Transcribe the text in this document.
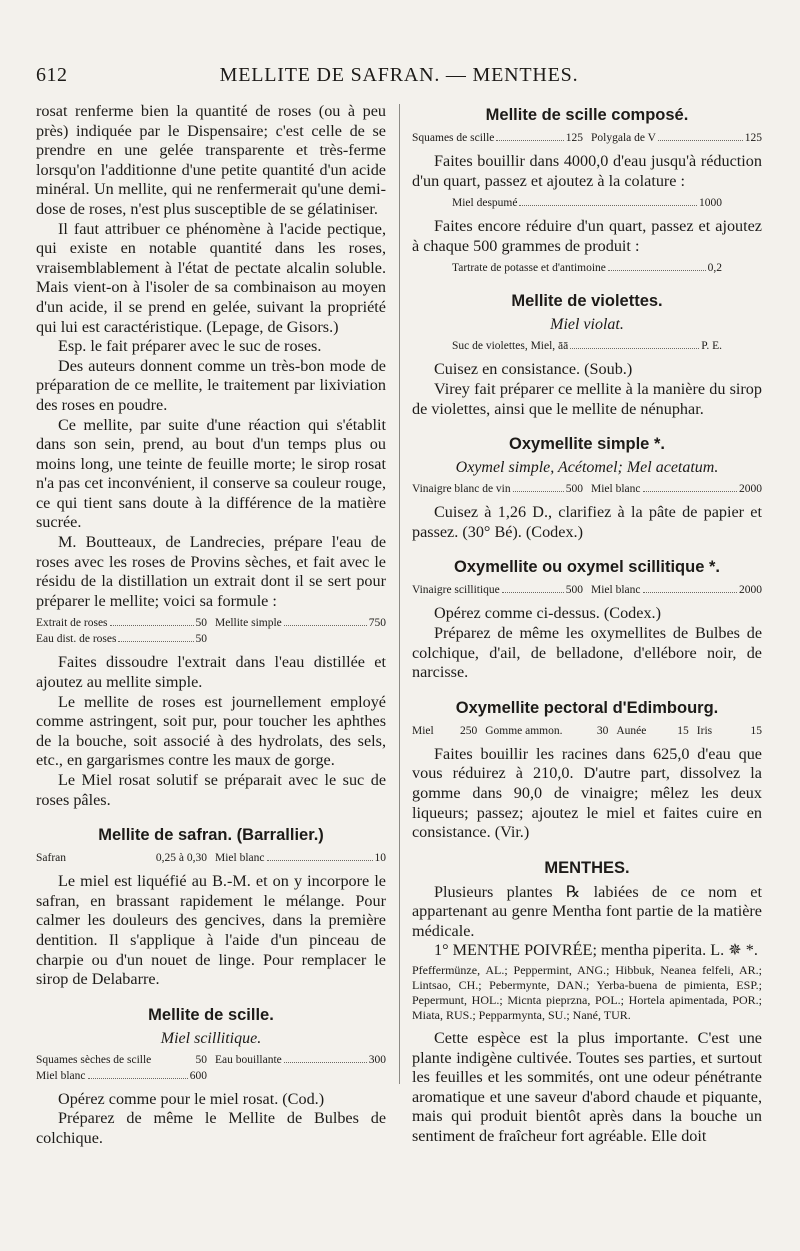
612	MELLITE DE SAFRAN. — MENTHES.

rosat renferme bien la quantité de roses (ou à peu près) indiquée par le Dispensaire; c'est celle de se prendre en une gelée transparente et très-ferme lorsqu'on l'additionne d'une petite quantité d'un acide minéral. Un mellite, qui ne renfermerait qu'une demi-dose de roses, n'est plus susceptible de se gélatiniser.

Il faut attribuer ce phénomène à l'acide pectique, qui existe en notable quantité dans les roses, vraisemblablement à l'état de pectate alcalin soluble. Mais vient-on à l'isoler de sa combinaison au moyen d'un acide, il se prend en gelée, suivant la propriété qui lui est caractéristique. (Lepage, de Gisors.)

Esp. le fait préparer avec le suc de roses.

Des auteurs donnent comme un très-bon mode de préparation de ce mellite, le traitement par lixiviation des roses en poudre.

Ce mellite, par suite d'une réaction qui s'établit dans son sein, prend, au bout d'un temps plus ou moins long, une teinte de feuille morte; le sirop rosat n'a pas cet inconvénient, il conserve sa couleur rouge, ce qui tient sans doute à la différence de la matière sucrée.

M. Boutteaux, de Landrecies, prépare l'eau de roses avec les roses de Provins sèches, et fait avec le résidu de la distillation un extrait dont il se sert pour préparer le mellite; voici sa formule :

Extrait de roses	50 Mellite simple	750
Eau dist. de roses	50

Faites dissoudre l'extrait dans l'eau distillée et ajoutez au mellite simple.

Le mellite de roses est journellement employé comme astringent, soit pur, pour toucher les aphthes de la bouche, soit associé à des hydrolats, des sels, etc., en gargarismes contre les maux de gorge.

Le Miel rosat solutif se préparait avec le suc de roses pâles.

Mellite de safran. (Barrallier.)
Safran	0,25 à 0,30 Miel blanc	10

Le miel est liquéfié au B.-M. et on y incorpore le safran, en brassant rapidement le mélange. Pour calmer les douleurs des gencives, dans la première dentition. Il s'applique à l'aide d'un pinceau de charpie ou d'un nouet de linge. Pour remplacer le sirop de Delabarre.

Mellite de scille.
Miel scillitique.
Squames sèches de scille	50 Eau bouillante	300
Miel blanc	600

Opérez comme pour le miel rosat. (Cod.)

Préparez de même le Mellite de Bulbes de colchique.

Mellite de scille composé.
Squames de scille	125 Polygala de V	125

Faites bouillir dans 4000,0 d'eau jusqu'à réduction d'un quart, passez et ajoutez à la colature :

Miel despumé	1000

Faites encore réduire d'un quart, passez et ajoutez à chaque 500 grammes de produit :

Tartrate de potasse et d'antimoine	0,2
Mellite de violettes.
Miel violat.
Suc de violettes, Miel, āā	P. E.

Cuisez en consistance. (Soub.)

Virey fait préparer ce mellite à la manière du sirop de violettes, ainsi que le mellite de nénuphar.

Oxymellite simple *.
Oxymel simple, Acétomel; Mel acetatum.
Vinaigre blanc de vin	500 Miel blanc	2000

Cuisez à 1,26 D., clarifiez à la pâte de papier et passez. (30° Bé). (Codex.)

Oxymellite ou oxymel scillitique *.
Vinaigre scillitique	500 Miel blanc	2000

Opérez comme ci-dessus. (Codex.)

Préparez de même les oxymellites de Bulbes de colchique, d'ail, de belladone, d'ellébore noir, de narcisse.

Oxymellite pectoral d'Edimbourg.
Miel 250 Gomme ammon.	30 Aunée	15 Iris	15

Faites bouillir les racines dans 625,0 d'eau que vous réduirez à 210,0. D'autre part, dissolvez la gomme dans 90,0 de vinaigre; mêlez les deux liqueurs; passez; ajoutez le miel et faites cuire en consistance. (Vir.)

MENTHES.

Plusieurs plantes ℞ labiées de ce nom et appartenant au genre Mentha font partie de la matière médicale.

1° MENTHE POIVRÉE; mentha piperita. L. ✵ *.

Pfeffermünze, AL.; Peppermint, ANG.; Hibbuk, Neanea felfeli, AR.; Lintsao, CH.; Pebermynte, DAN.; Yerba-buena de pimienta, ESP.; Pepermunt, HOL.; Micnta pieprzna, POL.; Hortela apimentada, POR.; Miata, RUS.; Pepparmynta, SU.; Nané, TUR.

Cette espèce est la plus importante. C'est une plante indigène cultivée. Toutes ses parties, et surtout les feuilles et les sommités, ont une odeur pénétrante aromatique et une saveur d'abord chaude et piquante, mais qui produit bientôt après dans la bouche un sentiment de fraîcheur fort agréable. Elle doit
